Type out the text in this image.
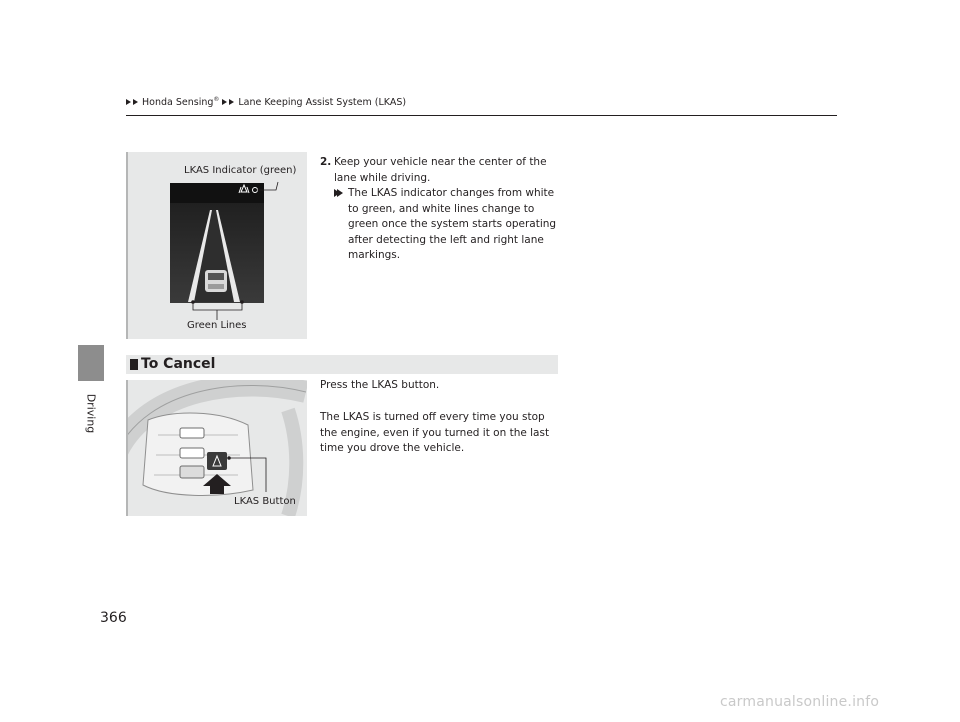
Honda Sensing® Lane Keeping Assist System (LKAS)
Driving
LKAS Indicator (green)
Green Lines
2. Keep your vehicle near the center of the lane while driving.
The LKAS indicator changes from white to green, and white lines change to green once the system starts operating after detecting the left and right lane markings.
To Cancel
LKAS Button
Press the LKAS button.
The LKAS is turned off every time you stop the engine, even if you turned it on the last time you drove the vehicle.
366
carmanualsonline.info
